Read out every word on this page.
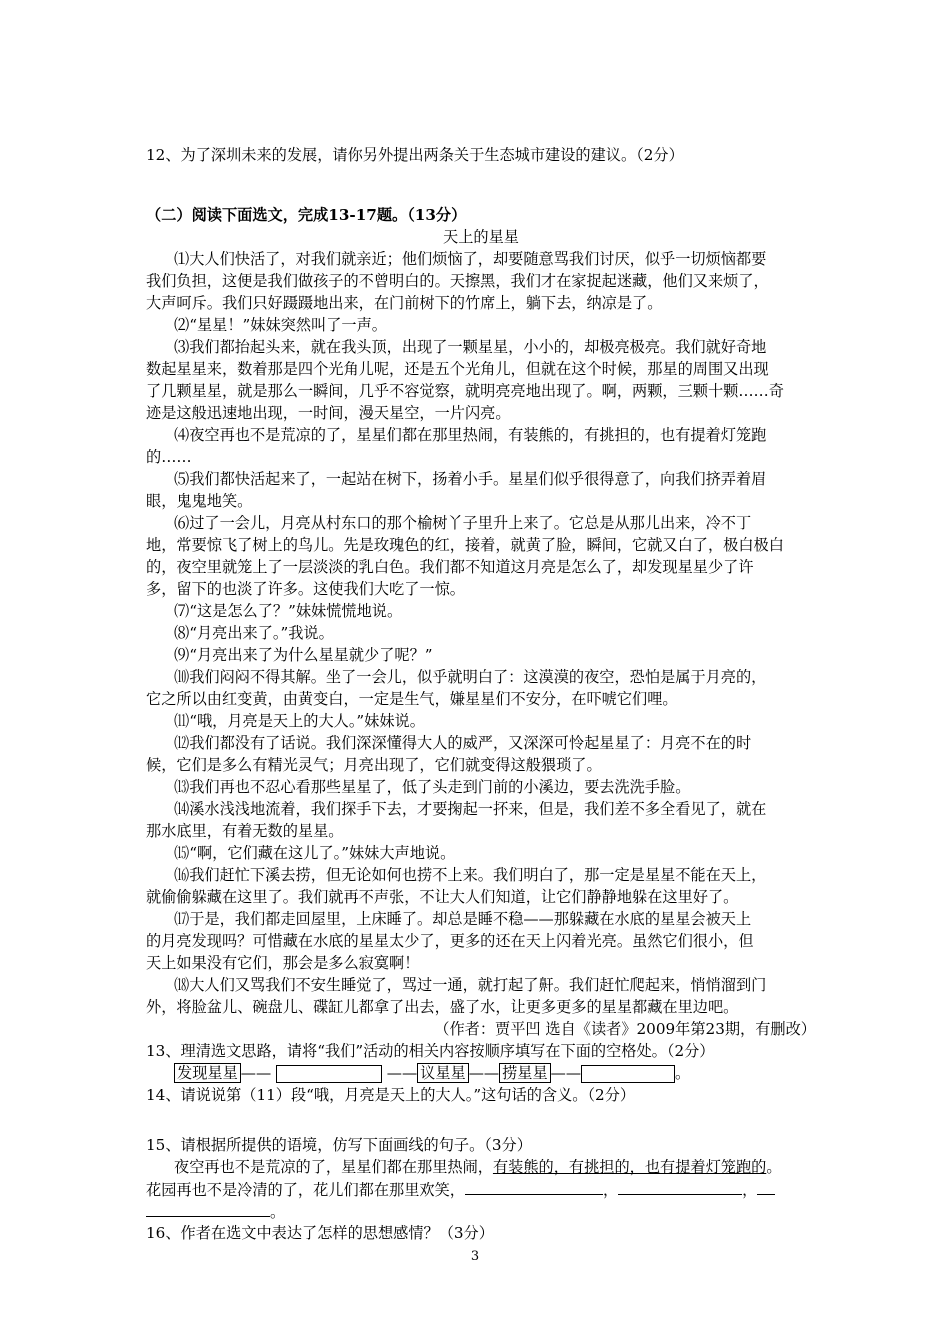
12、为了深圳未来的发展，请你另外提出两条关于生态城市建设的建议。（2分）
（二）阅读下面选文，完成13-17题。（13分）
天上的星星
⑴大人们快活了，对我们就亲近；他们烦恼了，却要随意骂我们讨厌，似乎一切烦恼都要
我们负担，这便是我们做孩子的不曾明白的。天擦黑，我们才在家捉起迷藏，他们又来烦了，
大声呵斥。我们只好蹑蹑地出来，在门前树下的竹席上，躺下去，纳凉是了。
⑵“星星！”妹妹突然叫了一声。
⑶我们都抬起头来，就在我头顶，出现了一颗星星，小小的，却极亮极亮。我们就好奇地
数起星星来，数着那是四个光角儿呢，还是五个光角儿，但就在这个时候，那星的周围又出现
了几颗星星，就是那么一瞬间，几乎不容觉察，就明亮亮地出现了。啊，两颗，三颗十颗……奇
迹是这般迅速地出现，一时间，漫天星空，一片闪亮。
⑷夜空再也不是荒凉的了，星星们都在那里热闹，有装熊的，有挑担的，也有提着灯笼跑
的……
⑸我们都快活起来了，一起站在树下，扬着小手。星星们似乎很得意了，向我们挤弄着眉
眼，鬼鬼地笑。
⑹过了一会儿，月亮从村东口的那个榆树丫子里升上来了。它总是从那儿出来，冷不丁
地，常要惊飞了树上的鸟儿。先是玫瑰色的红，接着，就黄了脸，瞬间，它就又白了，极白极白
的，夜空里就笼上了一层淡淡的乳白色。我们都不知道这月亮是怎么了，却发现星星少了许
多，留下的也淡了许多。这使我们大吃了一惊。
⑺“这是怎么了？”妹妹慌慌地说。
⑻“月亮出来了。”我说。
⑼“月亮出来了为什么星星就少了呢？”
⑽我们闷闷不得其解。坐了一会儿，似乎就明白了：这漠漠的夜空，恐怕是属于月亮的，
它之所以由红变黄，由黄变白，一定是生气，嫌星星们不安分，在吓唬它们哩。
⑾“哦，月亮是天上的大人。”妹妹说。
⑿我们都没有了话说。我们深深懂得大人的威严，又深深可怜起星星了：月亮不在的时
候，它们是多么有精光灵气；月亮出现了，它们就变得这般猥琐了。
⒀我们再也不忍心看那些星星了，低了头走到门前的小溪边，要去洗洗手脸。
⒁溪水浅浅地流着，我们探手下去，才要掬起一抔来，但是，我们差不多全看见了，就在
那水底里，有着无数的星星。
⒂“啊，它们藏在这儿了。”妹妹大声地说。
⒃我们赶忙下溪去捞，但无论如何也捞不上来。我们明白了，那一定是星星不能在天上，
就偷偷躲藏在这里了。我们就再不声张，不让大人们知道，让它们静静地躲在这里好了。
⒄于是，我们都走回屋里，上床睡了。却总是睡不稳——那躲藏在水底的星星会被天上
的月亮发现吗？可惜藏在水底的星星太少了，更多的还在天上闪着光亮。虽然它们很小，但
天上如果没有它们，那会是多么寂寞啊！
⒅大人们又骂我们不安生睡觉了，骂过一通，就打起了鼾。我们赶忙爬起来，悄悄溜到门
外，将脸盆儿、碗盘儿、碟缸儿都拿了出去，盛了水，让更多更多的星星都藏在里边吧。
（作者：贾平凹 选自《读者》2009年第23期，有删改）
13、理清选文思路，请将“我们”活动的相关内容按顺序填写在下面的空格处。（2分）
发现星星 ——	—— 议星星 —— 捞星星 ——	。
14、请说说第（11）段“哦，月亮是天上的大人。”这句话的含义。（2分）
15、请根据所提供的语境，仿写下面画线的句子。（3分）
夜空再也不是荒凉的了，星星们都在那里热闹，有装熊的，有挑担的，也有提着灯笼跑的。
花园再也不是冷清的了，花儿们都在那里欢笑，	，	，
。
16、作者在选文中表达了怎样的思想感情？（3分）
3
